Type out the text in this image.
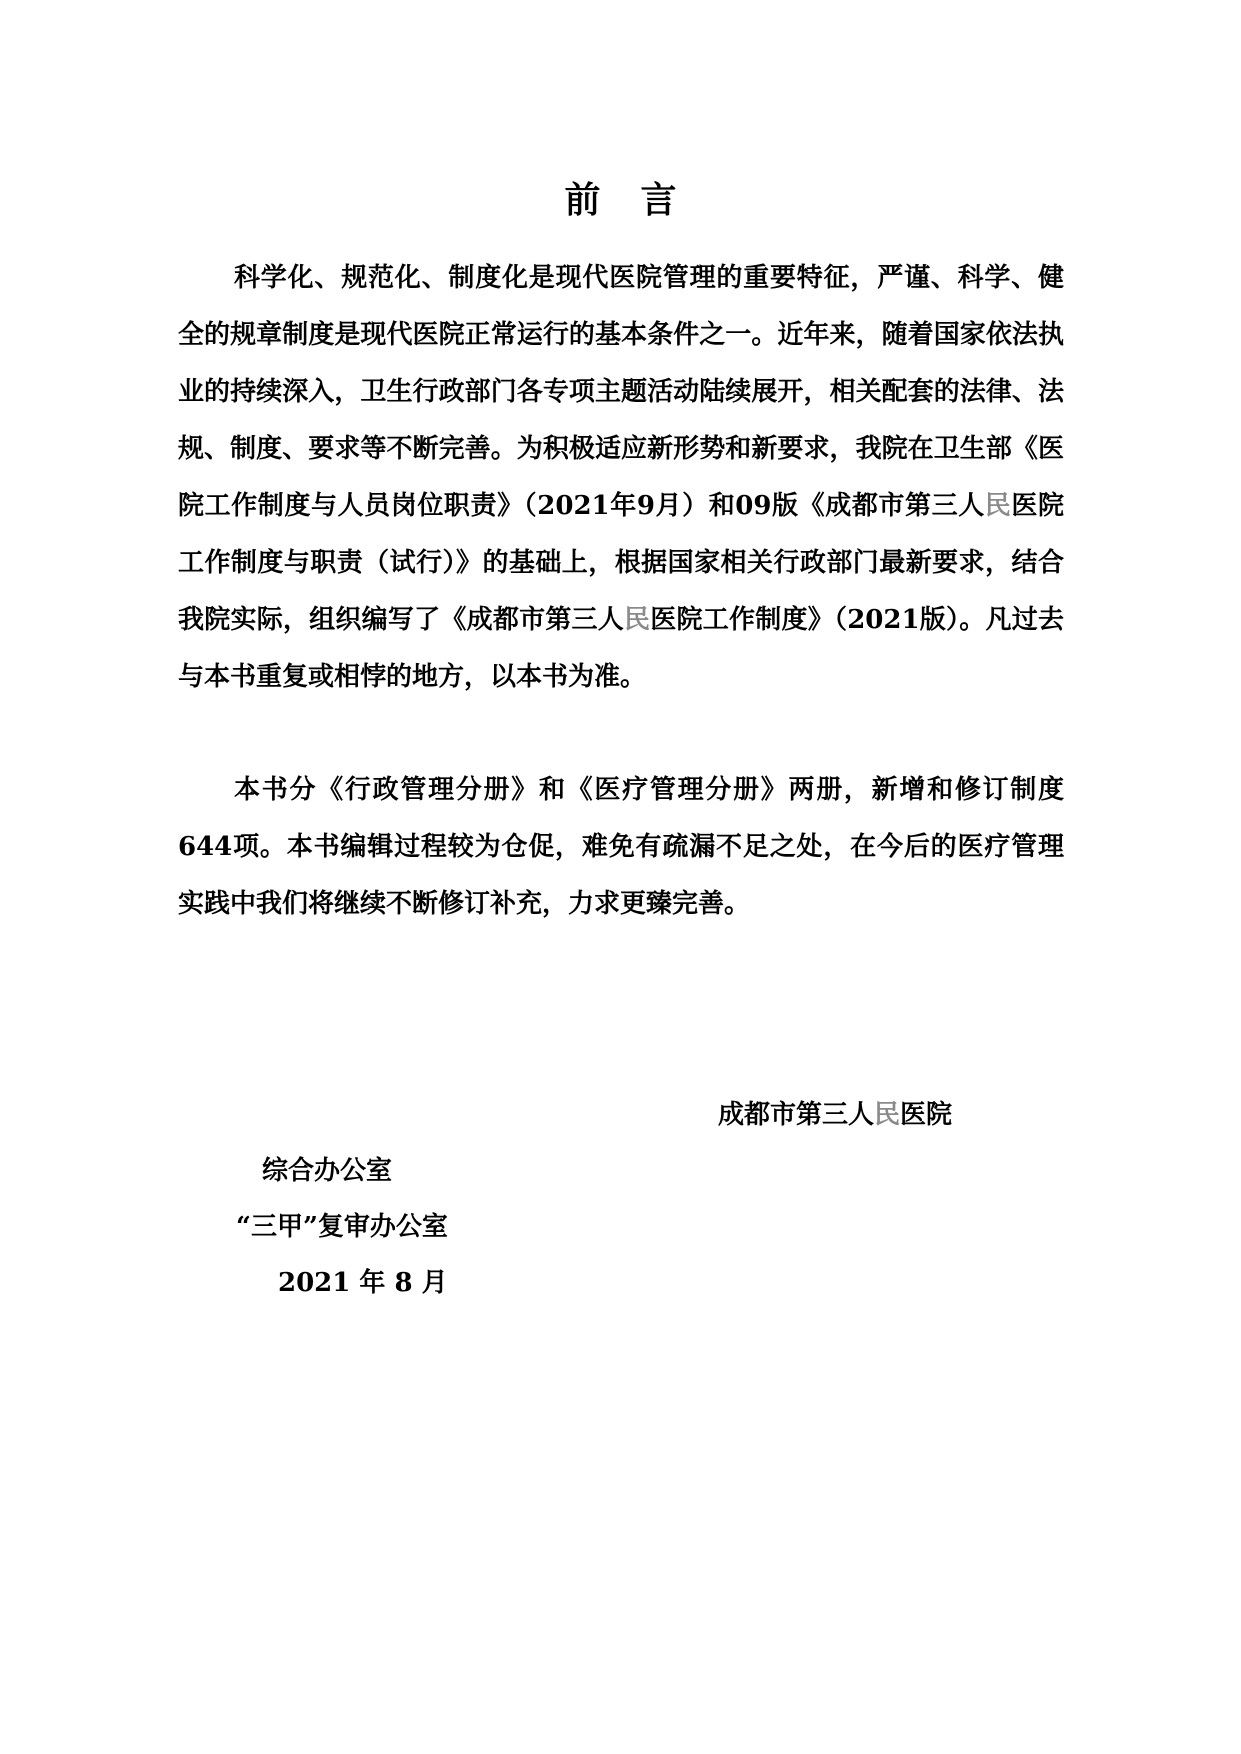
前 言

科学化、规范化、制度化是现代医院管理的重要特征，严谨、科学、健全的规章制度是现代医院正常运行的基本条件之一。近年来，随着国家依法执业的持续深入，卫生行政部门各专项主题活动陆续展开，相关配套的法律、法规、制度、要求等不断完善。为积极适应新形势和新要求，我院在卫生部《医院工作制度与人员岗位职责》（2021年9月）和09版《成都市第三人民医院工作制度与职责（试行）》的基础上，根据国家相关行政部门最新要求，结合我院实际，组织编写了《成都市第三人民医院工作制度》（2021版）。凡过去与本书重复或相悖的地方，以本书为准。

本书分《行政管理分册》和《医疗管理分册》两册，新增和修订制度644项。本书编辑过程较为仓促，难免有疏漏不足之处，在今后的医疗管理实践中我们将继续不断修订补充，力求更臻完善。

成都市第三人民医院

综合办公室

“三甲”复审办公室

2021 年 8 月
